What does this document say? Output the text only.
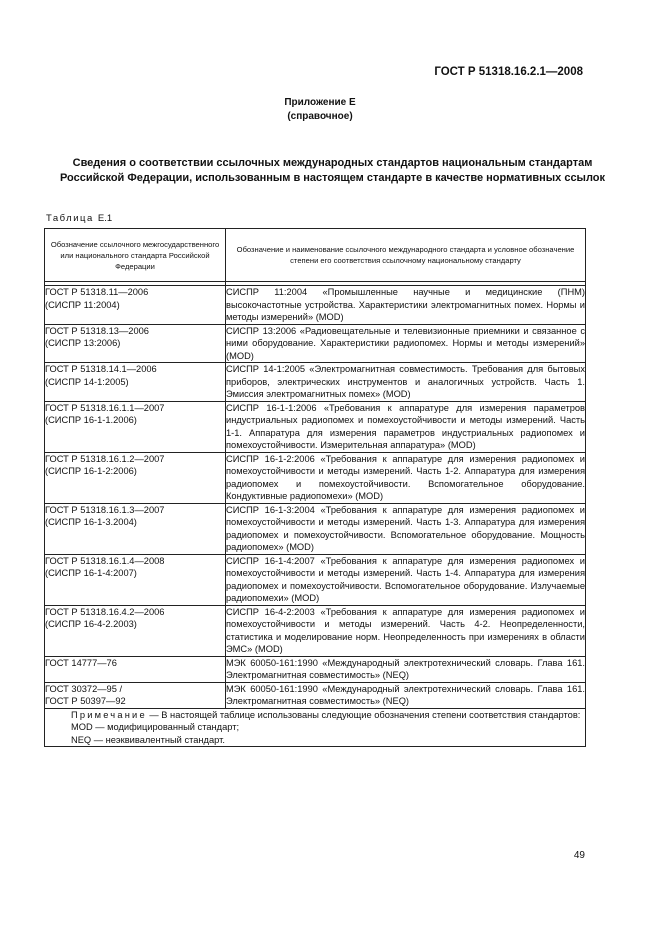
ГОСТ Р 51318.16.2.1—2008
Приложение Е
(справочное)
Сведения о соответствии ссылочных международных стандартов национальным стандартам Российской Федерации, использованным в настоящем стандарте в качестве нормативных ссылок
Таблица Е.1
Обозначение ссылочного межгосударственного или национального стандарта Российской Федерации	Обозначение и наименование ссылочного международного стандарта и условное обозначение степени его соответствия ссылочному национальному стандарту

ГОСТ Р 51318.11—2006
(СИСПР 11:2004)	СИСПР 11:2004 «Промышленные научные и медицинские (ПНМ) высокочастотные устройства. Характеристики электромагнитных помех. Нормы и методы измерений» (MOD)

ГОСТ Р 51318.13—2006
(СИСПР 13:2006)	СИСПР 13:2006 «Радиовещательные и телевизионные приемники и связанное с ними оборудование. Характеристики радиопомех. Нормы и методы измерений» (MOD)

ГОСТ Р 51318.14.1—2006
(СИСПР 14-1:2005)	СИСПР 14-1:2005 «Электромагнитная совместимость. Требования для бытовых приборов, электрических инструментов и аналогичных устройств. Часть 1. Эмиссия электромагнитных помех» (MOD)

ГОСТ Р 51318.16.1.1—2007
(СИСПР 16-1-1.2006)	СИСПР 16-1-1:2006 «Требования к аппаратуре для измерения параметров индустриальных радиопомех и помехоустойчивости и методы измерений. Часть 1-1. Аппаратура для измерения параметров индустриальных радиопомех и помехоустойчивости. Измерительная аппаратура» (MOD)

ГОСТ Р 51318.16.1.2—2007
(СИСПР 16-1-2:2006)	СИСПР 16-1-2:2006 «Требования к аппаратуре для измерения радиопомех и помехоустойчивости и методы измерений. Часть 1-2. Аппаратура для измерения радиопомех и помехоустойчивости. Вспомогательное оборудование. Кондуктивные радиопомехи» (MOD)

ГОСТ Р 51318.16.1.3—2007
(СИСПР 16-1-3.2004)	СИСПР 16-1-3:2004 «Требования к аппаратуре для измерения радиопомех и помехоустойчивости и методы измерений. Часть 1-3. Аппаратура для измерения радиопомех и помехоустойчивости. Вспомогательное оборудование. Мощность радиопомех» (MOD)

ГОСТ Р 51318.16.1.4—2008
(СИСПР 16-1-4:2007)	СИСПР 16-1-4:2007 «Требования к аппаратуре для измерения радиопомех и помехоустойчивости и методы измерений. Часть 1-4. Аппаратура для измерения радиопомех и помехоустойчивости. Вспомогательное оборудование. Излучаемые радиопомехи» (MOD)

ГОСТ Р 51318.16.4.2—2006
(СИСПР 16-4-2.2003)	СИСПР 16-4-2:2003 «Требования к аппаратуре для измерения радиопомех и помехоустойчивости и методы измерений. Часть 4-2. Неопределенности, статистика и моделирование норм. Неопределенность при измерениях в области ЭМС» (MOD)

ГОСТ 14777—76	МЭК 60050-161:1990 «Международный электротехнический словарь. Глава 161. Электромагнитная совместимость» (NEQ)

ГОСТ 30372—95 /
ГОСТ Р 50397—92	МЭК 60050-161:1990 «Международный электротехнический словарь. Глава 161. Электромагнитная совместимость» (NEQ)

Примечание — В настоящей таблице использованы следующие обозначения степени соответствия стандартов:
MOD — модифицированный стандарт;
NEQ — неэквивалентный стандарт.	
49
